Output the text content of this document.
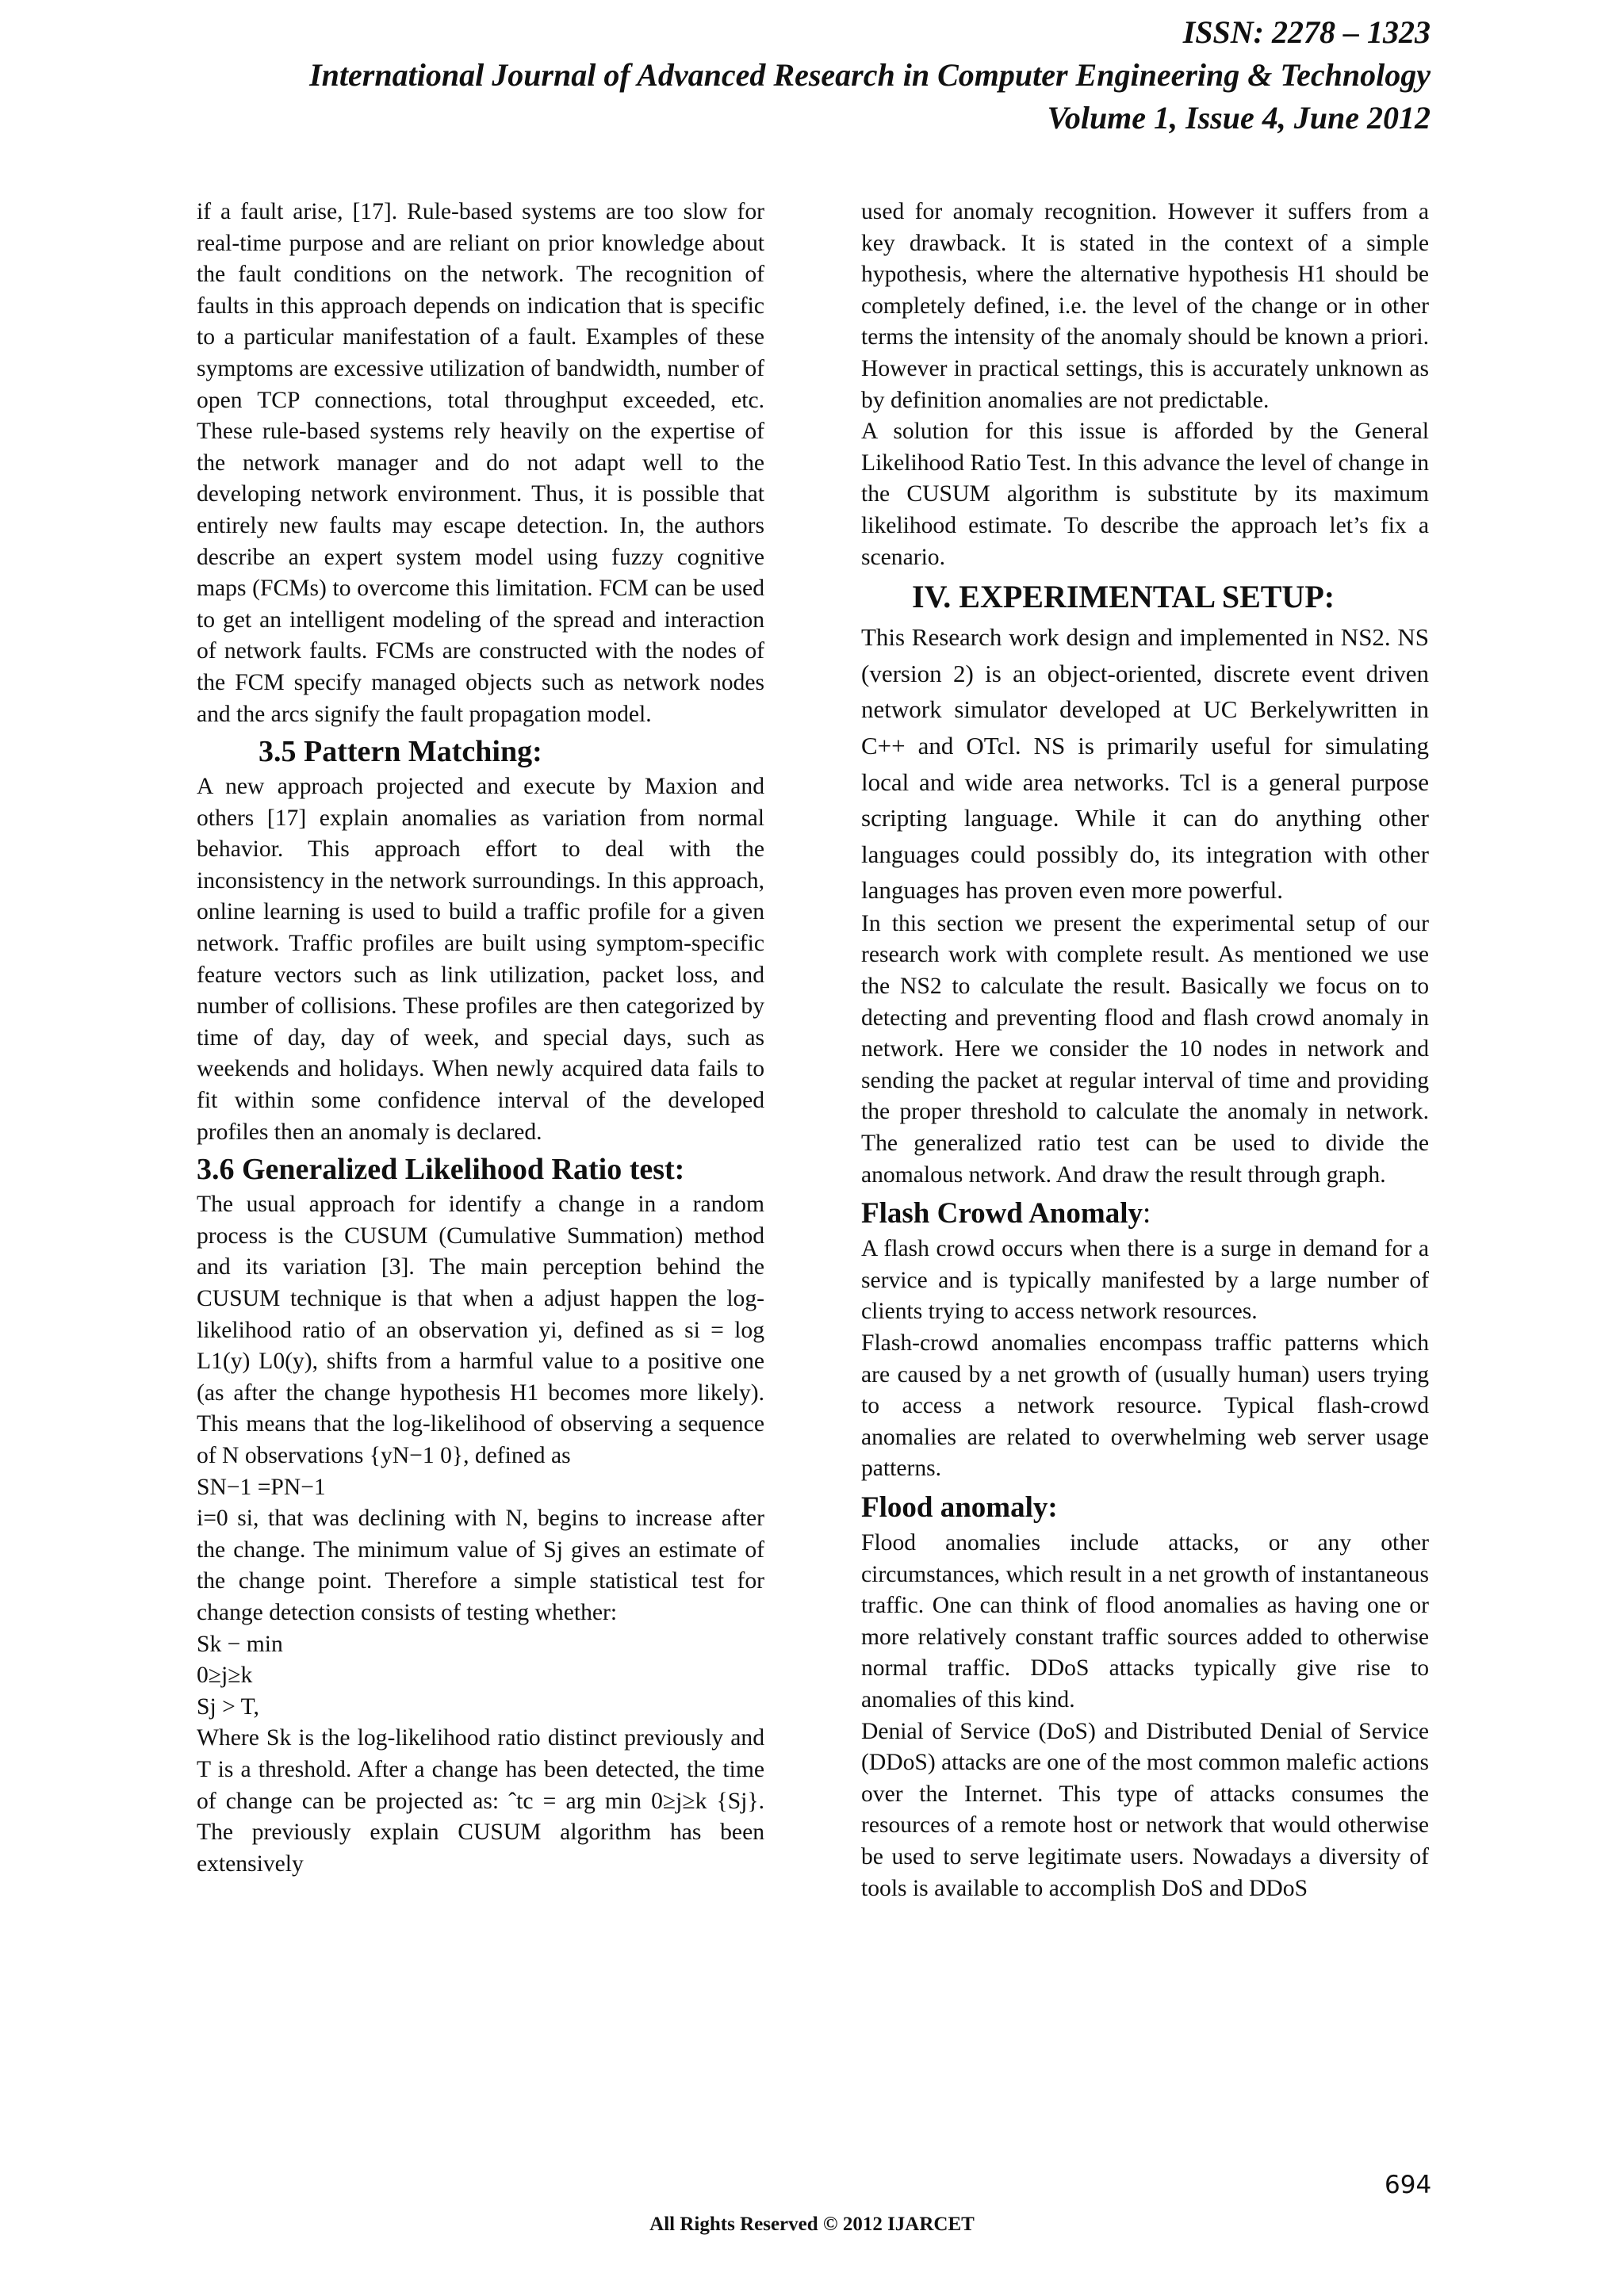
ISSN: 2278 – 1323
International Journal of Advanced Research in Computer Engineering & Technology
Volume 1, Issue 4, June 2012

if a fault arise, [17]. Rule-based systems are too slow for real-time purpose and are reliant on prior knowledge about the fault conditions on the network. The recognition of faults in this approach depends on indication that is specific to a particular manifestation of a fault. Examples of these symptoms are excessive utilization of bandwidth, number of open TCP connections, total throughput exceeded, etc. These rule-based systems rely heavily on the expertise of the network manager and do not adapt well to the developing network environment. Thus, it is possible that entirely new faults may escape detection. In, the authors describe an expert system model using fuzzy cognitive maps (FCMs) to overcome this limitation. FCM can be used to get an intelligent modeling of the spread and interaction of network faults. FCMs are constructed with the nodes of the FCM specify managed objects such as network nodes and the arcs signify the fault propagation model.

3.5 Pattern Matching:

A new approach projected and execute by Maxion and others [17] explain anomalies as variation from normal behavior. This approach effort to deal with the inconsistency in the network surroundings. In this approach, online learning is used to build a traffic profile for a given network. Traffic profiles are built using symptom-specific feature vectors such as link utilization, packet loss, and number of collisions. These profiles are then categorized by time of day, day of week, and special days, such as weekends and holidays. When newly acquired data fails to fit within some confidence interval of the developed profiles then an anomaly is declared.

3.6 Generalized Likelihood Ratio test:

The usual approach for identify a change in a random process is the CUSUM (Cumulative Summation) method and its variation [3]. The main perception behind the CUSUM technique is that when a adjust happen the log-likelihood ratio of an observation yi, defined as si = log L1(y) L0(y), shifts from a harmful value to a positive one (as after the change hypothesis H1 becomes more likely). This means that the log-likelihood of observing a sequence of N observations {yN−1 0}, defined as

SN−1 =PN−1

i=0 si, that was declining with N, begins to increase after the change. The minimum value of Sj gives an estimate of the change point. Therefore a simple statistical test for change detection consists of testing whether:

Sk − min

0≥j≥k

Sj > T,

Where Sk is the log-likelihood ratio distinct previously and T is a threshold. After a change has been detected, the time of change can be projected as: ˆtc = arg min 0≥j≥k {Sj}. The previously explain CUSUM algorithm has been extensively

used for anomaly recognition. However it suffers from a key drawback. It is stated in the context of a simple hypothesis, where the alternative hypothesis H1 should be completely defined, i.e. the level of the change or in other terms the intensity of the anomaly should be known a priori. However in practical settings, this is accurately unknown as by definition anomalies are not predictable.

A solution for this issue is afforded by the General Likelihood Ratio Test. In this advance the level of change in the CUSUM algorithm is substitute by its maximum likelihood estimate. To describe the approach let’s fix a scenario.

IV. EXPERIMENTAL SETUP:

This Research work design and implemented in NS2. NS (version 2) is an object-oriented, discrete event driven network simulator developed at UC Berkelywritten in C++ and OTcl. NS is primarily useful for simulating local and wide area networks. Tcl is a general purpose scripting language. While it can do anything other languages could possibly do, its integration with other languages has proven even more powerful.

In this section we present the experimental setup of our research work with complete result. As mentioned we use the NS2 to calculate the result. Basically we focus on to detecting and preventing flood and flash crowd anomaly in network. Here we consider the 10 nodes in network and sending the packet at regular interval of time and providing the proper threshold to calculate the anomaly in network. The generalized ratio test can be used to divide the anomalous network. And draw the result through graph.

Flash Crowd Anomaly:

A flash crowd occurs when there is a surge in demand for a service and is typically manifested by a large number of clients trying to access network resources.

Flash-crowd anomalies encompass traffic patterns which are caused by a net growth of (usually human) users trying to access a network resource. Typical flash-crowd anomalies are related to overwhelming web server usage patterns.

Flood anomaly:

Flood anomalies include attacks, or any other circumstances, which result in a net growth of instantaneous traffic. One can think of flood anomalies as having one or more relatively constant traffic sources added to otherwise normal traffic. DDoS attacks typically give rise to anomalies of this kind.

Denial of Service (DoS) and Distributed Denial of Service (DDoS) attacks are one of the most common malefic actions over the Internet. This type of attacks consumes the resources of a remote host or network that would otherwise be used to serve legitimate users. Nowadays a diversity of tools is available to accomplish DoS and DDoS

694
All Rights Reserved © 2012 IJARCET
